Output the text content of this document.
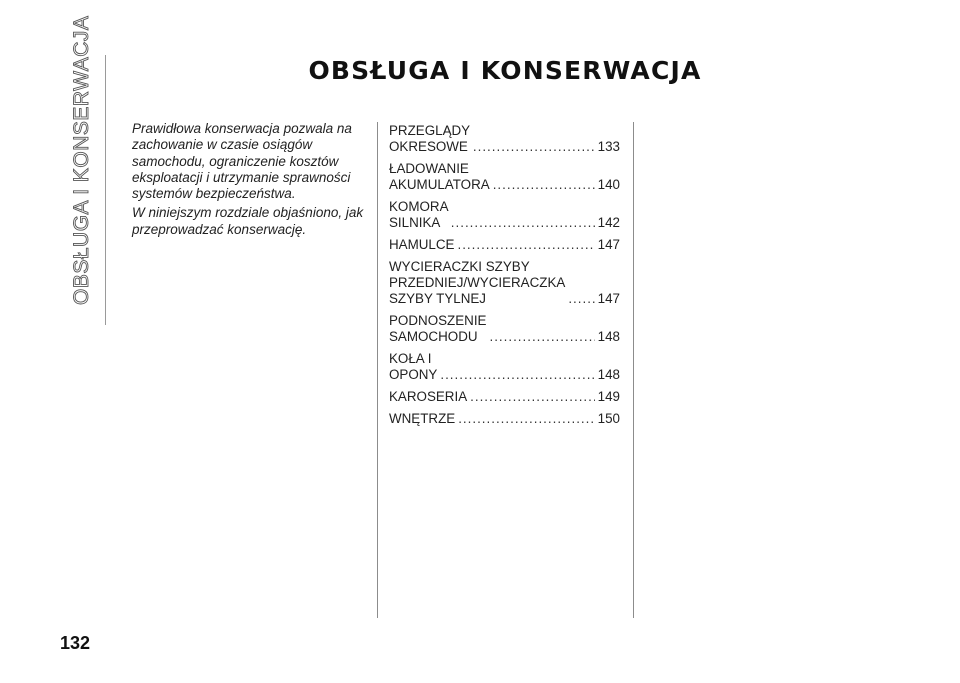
OBSŁUGA I KONSERWACJA	OBSŁUGA I KONSERWACJA

Prawidłowa konserwacja pozwala na zachowanie w czasie osiągów samochodu, ograniczenie kosztów eksploatacji i utrzymanie sprawności systemów bezpieczeństwa.

W niniejszym rozdziale objaśniono, jak przeprowadzać konserwację.

PRZEGLĄDY OKRESOWE .....	133
ŁADOWANIE AKUMULATORA .....	140
KOMORA SILNIKA .....	142
HAMULCE .....	147
WYCIERACZKI SZYBY
PRZEDNIEJ/WYCIERACZKA
SZYBY TYLNEJ .....	147
PODNOSZENIE SAMOCHODU .....	148
KOŁA I OPONY .....	148
KAROSERIA .....	149
WNĘTRZE .....	150
132
